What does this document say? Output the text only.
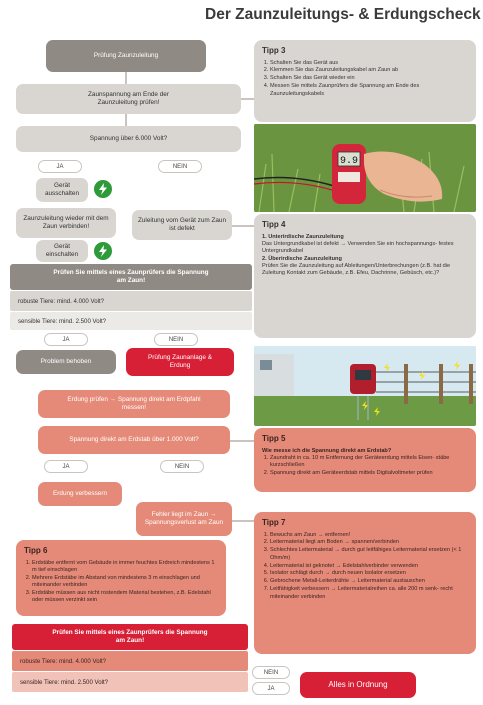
Der Zaunzuleitungs- & Erdungscheck
Prüfung Zaunzuleitung
Zaunspannung am Ende der Zaunzuleitung prüfen!
Spannung über 6.000 Volt?
JA	NEIN
Gerät ausschalten
Zaunzuleitung wieder mit dem Zaun verbinden!
Zuleitung vom Gerät zum Zaun ist defekt
Gerät einschalten
Prüfen Sie mittels eines Zaunprüfers die Spannung am Zaun!
robuste Tiere: mind. 4.000 Volt?
sensible Tiere: mind. 2.500 Volt?
JA	NEIN
Problem behoben
Prüfung Zaunanlage & Erdung
Erdung prüfen → Spannung direkt am Erdpfahl messen!
Spannung direkt am Erdstab über 1.000 Volt?
JA	NEIN
Erdung verbessern
Fehler liegt im Zaun → Spannungsverlust am Zaun
Tipp 6
1. Erdstäbe entfernt vom Gebäude in immer feuchtes Erdreich mindestens 1 m tief einschlagen
2. Mehrere Erdstäbe im Abstand von mindestens 3 m einschlagen und miteinander verbinden
3. Erdstäbe müssen aus nicht rostendem Material bestehen, z.B. Edelstahl oder müssen verzinkt sein
Prüfen Sie mittels eines Zaunprüfers die Spannung am Zaun!
robuste Tiere: mind. 4.000 Volt?
sensible Tiere: mind. 2.500 Volt?
NEIN
JA	Alles in Ordnung
Tipp 3
1. Schalten Sie das Gerät aus
2. Klemmen Sie das Zaunzuleitungskabel am Zaun ab
3. Schalten Sie das Gerät wieder ein
4. Messen Sie mittels Zaunprüfers die Spannung am Ende des Zaunzuleitungskabels
9.9
Tipp 4
1. Unterirdische Zaunzuleitung
Das Untergrundkabel ist defekt → Verwenden Sie ein hochspannungs- festes Untergrundkabel
2. Überirdische Zaunzuleitung
Prüfen Sie die Zaunzuleitung auf Ableitungen/Unterbrechungen (z.B. hat die Zuleitung Kontakt zum Gebäude, z.B. Efeu, Dachrinne, Gebüsch, etc.)?
Tipp 5
Wie messe ich die Spannung direkt am Erdstab?
1. Zaundraht in ca. 10 m Entfernung der Geräteerdung mittels Eisen- stäbe kurzschließen
2. Spannung direkt am Geräteerdstab mittels Digitalvoltmeter prüfen
Tipp 7
1. Bewuchs am Zaun → entfernen!
2. Leitermaterial liegt am Boden → spannen/verbinden
3. Schlechtes Leitermaterial → durch gut leitfähiges Leitermaterial ersetzen (< 1 Ohm/m)
4. Leitermaterial ist geknotet → Edelstahlverbinder verwenden
5. Isolator schlägt durch → durch neuen Isolator ersetzen
6. Gebrochene Metall-Leiterdrähte → Leitermaterial austauschen
7. Leitfähigkeit verbessern → Leitermaterialreihen ca. alle 200 m senk- recht miteinander verbinden
